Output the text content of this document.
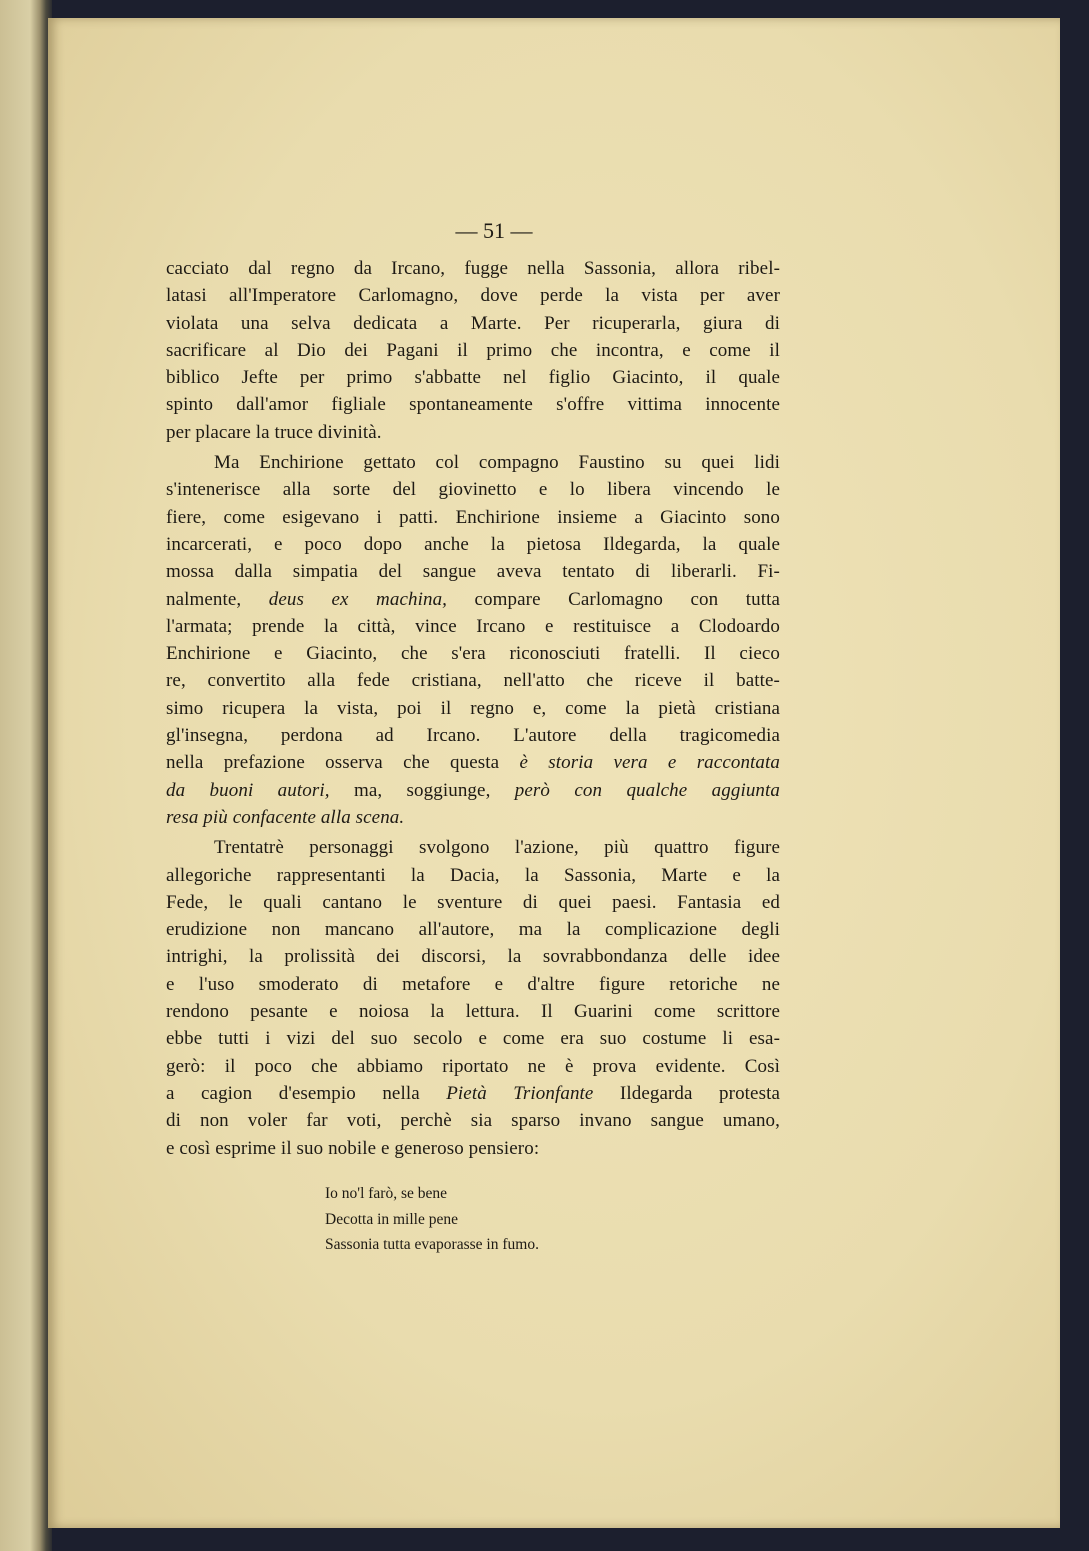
— 51 —
cacciato dal regno da Ircano, fugge nella Sassonia, allora ribel-
latasi all'Imperatore Carlomagno, dove perde la vista per aver
violata una selva dedicata a Marte. Per ricuperarla, giura di
sacrificare al Dio dei Pagani il primo che incontra, e come il
biblico Jefte per primo s'abbatte nel figlio Giacinto, il quale
spinto dall'amor figliale spontaneamente s'offre vittima innocente
per placare la truce divinità.
Ma Enchirione gettato col compagno Faustino su quei lidi
s'intenerisce alla sorte del giovinetto e lo libera vincendo le
fiere, come esigevano i patti. Enchirione insieme a Giacinto sono
incarcerati, e poco dopo anche la pietosa Ildegarda, la quale
mossa dalla simpatia del sangue aveva tentato di liberarli. Fi-
nalmente, deus ex machina, compare Carlomagno con tutta
l'armata; prende la città, vince Ircano e restituisce a Clodoardo
Enchirione e Giacinto, che s'era riconosciuti fratelli. Il cieco
re, convertito alla fede cristiana, nell'atto che riceve il batte-
simo ricupera la vista, poi il regno e, come la pietà cristiana
gl'insegna, perdona ad Ircano. L'autore della tragicomedia
nella prefazione osserva che questa è storia vera e raccontata
da buoni autori, ma, soggiunge, però con qualche aggiunta
resa più confacente alla scena.
Trentatrè personaggi svolgono l'azione, più quattro figure
allegoriche rappresentanti la Dacia, la Sassonia, Marte e la
Fede, le quali cantano le sventure di quei paesi. Fantasia ed
erudizione non mancano all'autore, ma la complicazione degli
intrighi, la prolissità dei discorsi, la sovrabbondanza delle idee
e l'uso smoderato di metafore e d'altre figure retoriche ne
rendono pesante e noiosa la lettura. Il Guarini come scrittore
ebbe tutti i vizi del suo secolo e come era suo costume li esa-
gerò: il poco che abbiamo riportato ne è prova evidente. Così
a cagion d'esempio nella Pietà Trionfante Ildegarda protesta
di non voler far voti, perchè sia sparso invano sangue umano,
e così esprime il suo nobile e generoso pensiero:
Io no'l farò, se bene
Decotta in mille pene
Sassonia tutta evaporasse in fumo.
